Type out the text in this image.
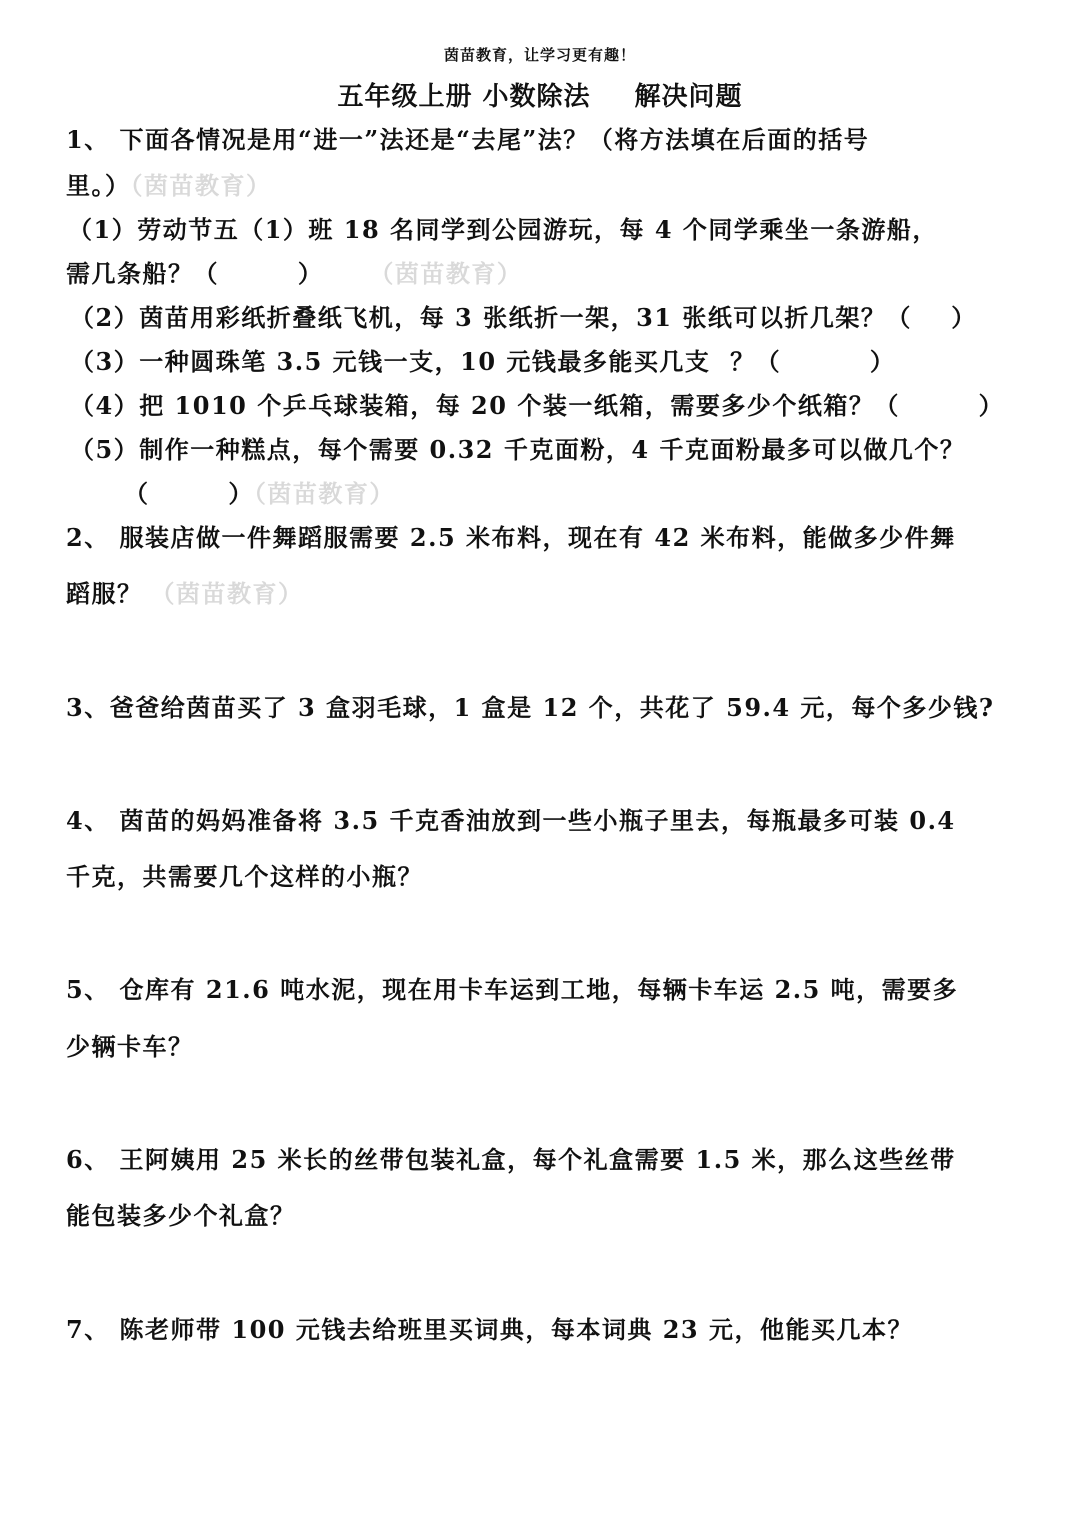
茵苗教育，让学习更有趣！
五年级上册 小数除法 解决问题
1、 下面各情况是用“进一”法还是“去尾”法？（将方法填在后面的括号
里。）（茵苗教育）
（1）劳动节五（1）班 18 名同学到公园游玩，每 4 个同学乘坐一条游船，
需几条船？（        ） （茵苗教育）
（2）茵苗用彩纸折叠纸飞机，每 3 张纸折一架，31 张纸可以折几架？（    ）
（3）一种圆珠笔 3.5 元钱一支，10 元钱最多能买几支  ？（         ）
（4）把 1010 个乒乓球装箱，每 20 个装一纸箱，需要多少个纸箱？（        ）
（5）制作一种糕点，每个需要 0.32 千克面粉，4 千克面粉最多可以做几个？
（        ）（茵苗教育）
2、 服装店做一件舞蹈服需要 2.5 米布料，现在有 42 米布料，能做多少件舞
蹈服？ （茵苗教育）
3、爸爸给茵苗买了 3 盒羽毛球，1 盒是 12 个，共花了 59.4 元，每个多少钱?
4、 茵苗的妈妈准备将 3.5 千克香油放到一些小瓶子里去，每瓶最多可装 0.4
千克，共需要几个这样的小瓶？
5、 仓库有 21.6 吨水泥，现在用卡车运到工地，每辆卡车运 2.5 吨，需要多
少辆卡车？
6、 王阿姨用 25 米长的丝带包装礼盒，每个礼盒需要 1.5 米，那么这些丝带
能包装多少个礼盒？
7、 陈老师带 100 元钱去给班里买词典，每本词典 23 元，他能买几本？
